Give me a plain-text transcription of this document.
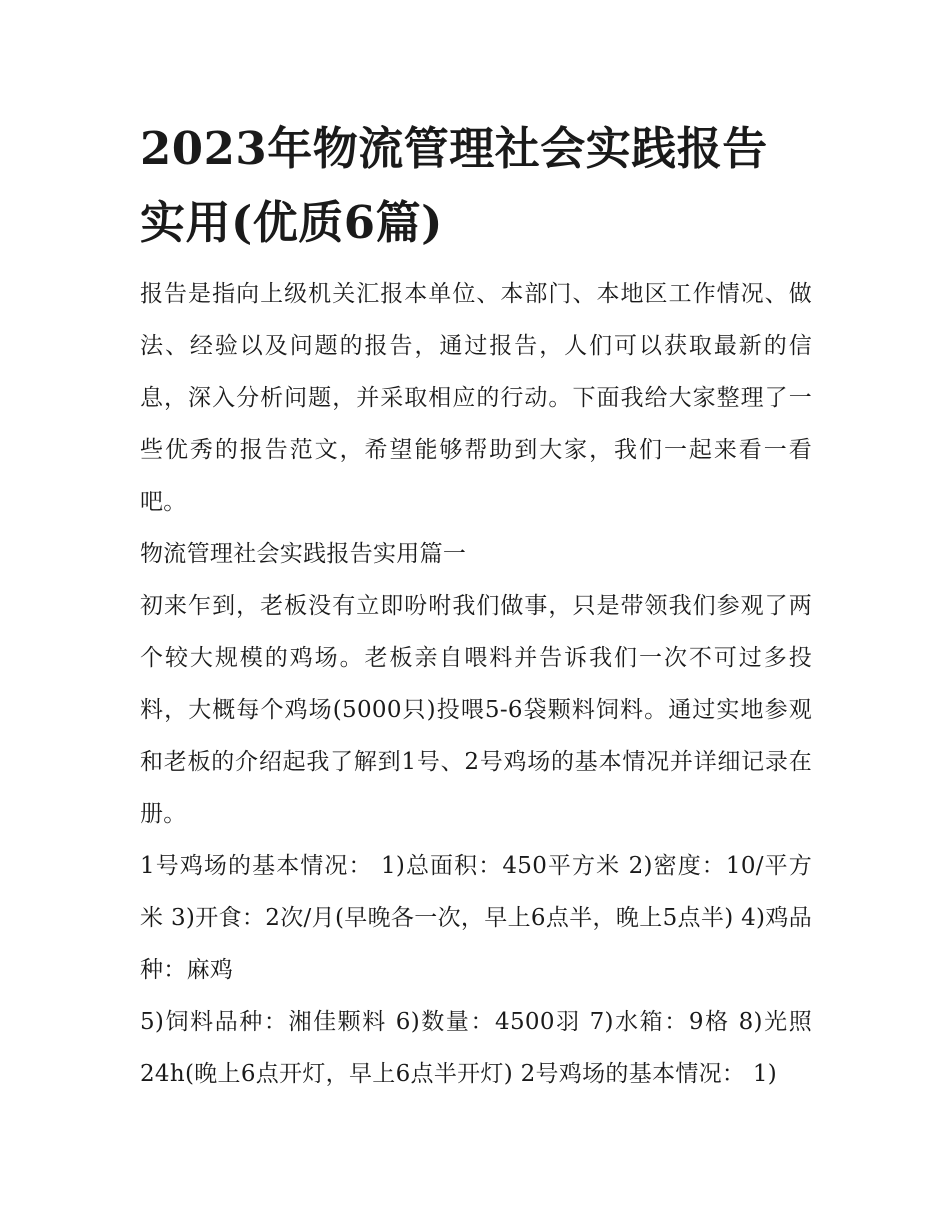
2023年物流管理社会实践报告
实用(优质6篇)

报告是指向上级机关汇报本单位、本部门、本地区工作情况、做法、经验以及问题的报告，通过报告，人们可以获取最新的信息，深入分析问题，并采取相应的行动。下面我给大家整理了一些优秀的报告范文，希望能够帮助到大家，我们一起来看一看吧。

物流管理社会实践报告实用篇一

初来乍到，老板没有立即吩咐我们做事，只是带领我们参观了两个较大规模的鸡场。老板亲自喂料并告诉我们一次不可过多投料，大概每个鸡场(5000只)投喂5-6袋颗料饲料。通过实地参观和老板的介绍起我了解到1号、2号鸡场的基本情况并详细记录在册。

1号鸡场的基本情况： 1)总面积：450平方米 2)密度：10/平方米 3)开食：2次/月(早晚各一次，早上6点半，晚上5点半) 4)鸡品种：麻鸡

5)饲料品种：湘佳颗料 6)数量：4500羽 7)水箱：9格 8)光照24h(晚上6点开灯，早上6点半开灯) 2号鸡场的基本情况： 1)
